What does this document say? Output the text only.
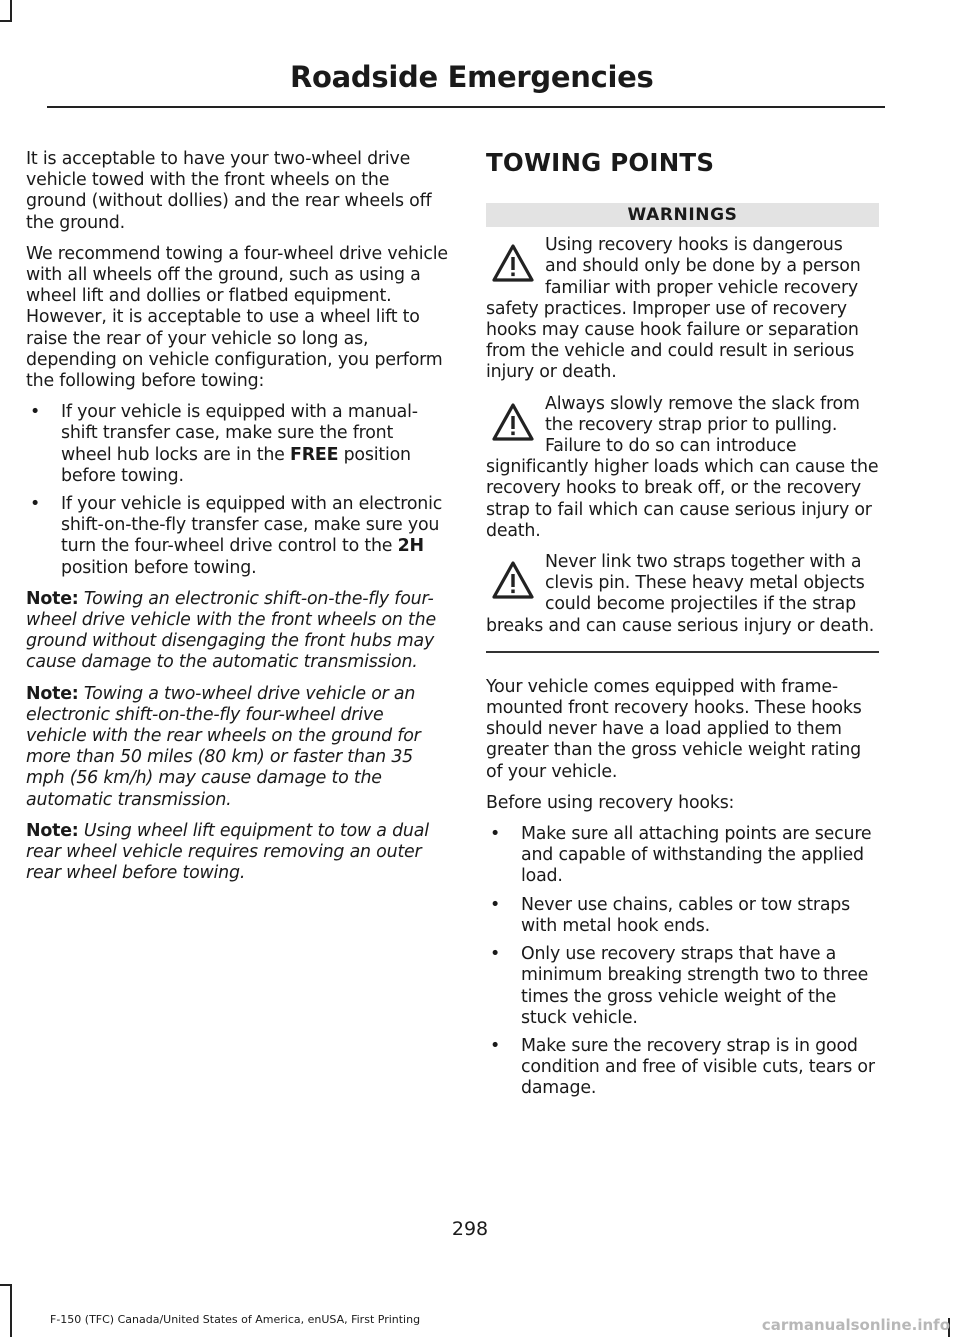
Roadside Emergencies

It is acceptable to have your two-wheel drive vehicle towed with the front wheels on the ground (without dollies) and the rear wheels off the ground.

We recommend towing a four-wheel drive vehicle with all wheels off the ground, such as using a wheel lift and dollies or flatbed equipment. However, it is acceptable to use a wheel lift to raise the rear of your vehicle so long as, depending on vehicle configuration, you perform the following before towing:

• If your vehicle is equipped with a manual-shift transfer case, make sure the front wheel hub locks are in the FREE position before towing.
• If your vehicle is equipped with an electronic shift-on-the-fly transfer case, make sure you turn the four-wheel drive control to the 2H position before towing.

Note: Towing an electronic shift-on-the-fly four-wheel drive vehicle with the front wheels on the ground without disengaging the front hubs may cause damage to the automatic transmission.

Note: Towing a two-wheel drive vehicle or an electronic shift-on-the-fly four-wheel drive vehicle with the rear wheels on the ground for more than 50 miles (80 km) or faster than 35 mph (56 km/h) may cause damage to the automatic transmission.

Note: Using wheel lift equipment to tow a dual rear wheel vehicle requires removing an outer rear wheel before towing.

TOWING POINTS
WARNINGS
Using recovery hooks is dangerous and should only be done by a person familiar with proper vehicle recovery safety practices. Improper use of recovery hooks may cause hook failure or separation from the vehicle and could result in serious injury or death.
Always slowly remove the slack from the recovery strap prior to pulling. Failure to do so can introduce significantly higher loads which can cause the recovery hooks to break off, or the recovery strap to fail which can cause serious injury or death.
Never link two straps together with a clevis pin. These heavy metal objects could become projectiles if the strap breaks and can cause serious injury or death.

Your vehicle comes equipped with frame-mounted front recovery hooks. These hooks should never have a load applied to them greater than the gross vehicle weight rating of your vehicle.

Before using recovery hooks:

• Make sure all attaching points are secure and capable of withstanding the applied load.
• Never use chains, cables or tow straps with metal hook ends.
• Only use recovery straps that have a minimum breaking strength two to three times the gross vehicle weight of the stuck vehicle.
• Make sure the recovery strap is in good condition and free of visible cuts, tears or damage.
298
F-150 (TFC) Canada/United States of America, enUSA, First Printing	carmanualsonline.info
